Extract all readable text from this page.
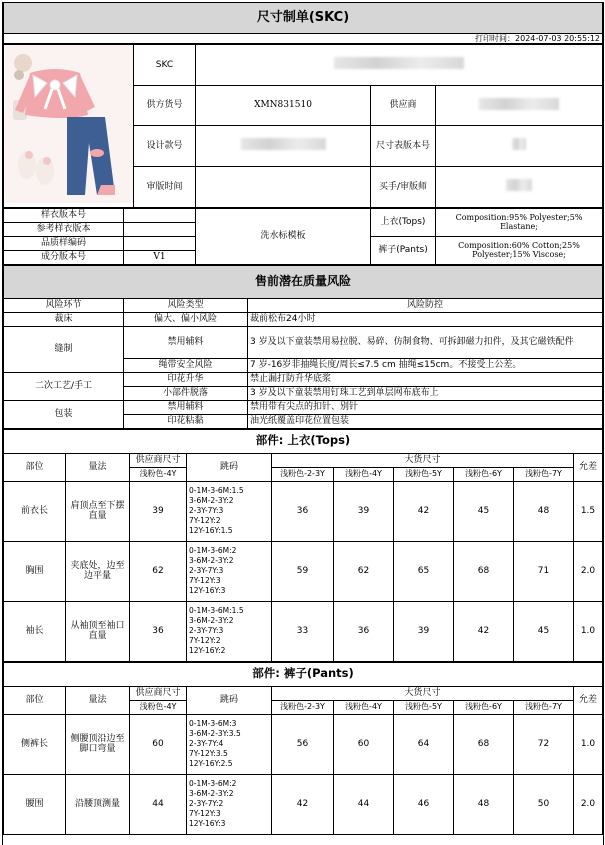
尺寸制单(SKC)
打印时间：2024-07-03 20:55:12
	SKC			
	供方货号	XMN831510	供应商	
	设计款号		尺寸表版本号	
	审版时间		买手/审版师	
样衣版本号		洗水标模板	上衣(Tops)	Composition:95% Polyester;5% Elastane;
参考样衣版本				
品质样编码			裤子(Pants)	Composition:60% Cotton;25% Polyester;15% Viscose;
成分版本号	V1			
售前潜在质量风险		
风险环节	风险类型	风险防控
裁床	偏大、偏小风险	裁前松布24小时
缝制	禁用辅料	3 岁及以下童装禁用易拉脱、易碎、仿制食物、可拆卸磁力扣件，及其它磁铁配件
	绳带安全风险	7 岁-16岁非抽绳长度/周长≤7.5 cm 抽绳≤15cm。不接受上公差。
二次工艺/手工	印花升华	禁止漏打防升华底浆
	小部件脱落	3 岁及以下童装禁用钉珠工艺到单层网布底布上
包装	禁用辅料	禁用带有尖点的扣针、别针
	印花粘黏	油光纸覆盖印花位置包装
部件: 上衣(Tops)									
部位	量法	供应商尺寸	跳码	大货尺寸					允差
		浅粉色-4Y		浅粉色-2-3Y	浅粉色-4Y	浅粉色-5Y	浅粉色-6Y	浅粉色-7Y	
前衣长	肩顶点至下摆直量	39	0-1M-3-6M:1.5
3-6M-2-3Y:2
2-3Y-7Y:3
7Y-12Y:2
12Y-16Y:1.5	36	39	42	45	48	1.5
胸围	夹底处，边至边平量	62	0-1M-3-6M:2
3-6M-2-3Y:2
2-3Y-7Y:3
7Y-12Y:3
12Y-16Y:3	59	62	65	68	71	2.0
袖长	从袖顶至袖口直量	36	0-1M-3-6M:1.5
3-6M-2-3Y:2
2-3Y-7Y:3
7Y-12Y:2
12Y-16Y:2	33	36	39	42	45	1.0
部件: 裤子(Pants)									
部位	量法	供应商尺寸	跳码	大货尺寸					允差
		浅粉色-4Y		浅粉色-2-3Y	浅粉色-4Y	浅粉色-5Y	浅粉色-6Y	浅粉色-7Y	
侧裤长	侧腰顶沿边至脚口弯量	60	0-1M-3-6M:3
3-6M-2-3Y:3.5
2-3Y-7Y:4
7Y-12Y:3.5
12Y-16Y:2.5	56	60	64	68	72	1.0
腰围	沿腰顶测量	44	0-1M-3-6M:2
3-6M-2-3Y:2
2-3Y-7Y:2
7Y-12Y:3
12Y-16Y:3	42	44	46	48	50	2.0
